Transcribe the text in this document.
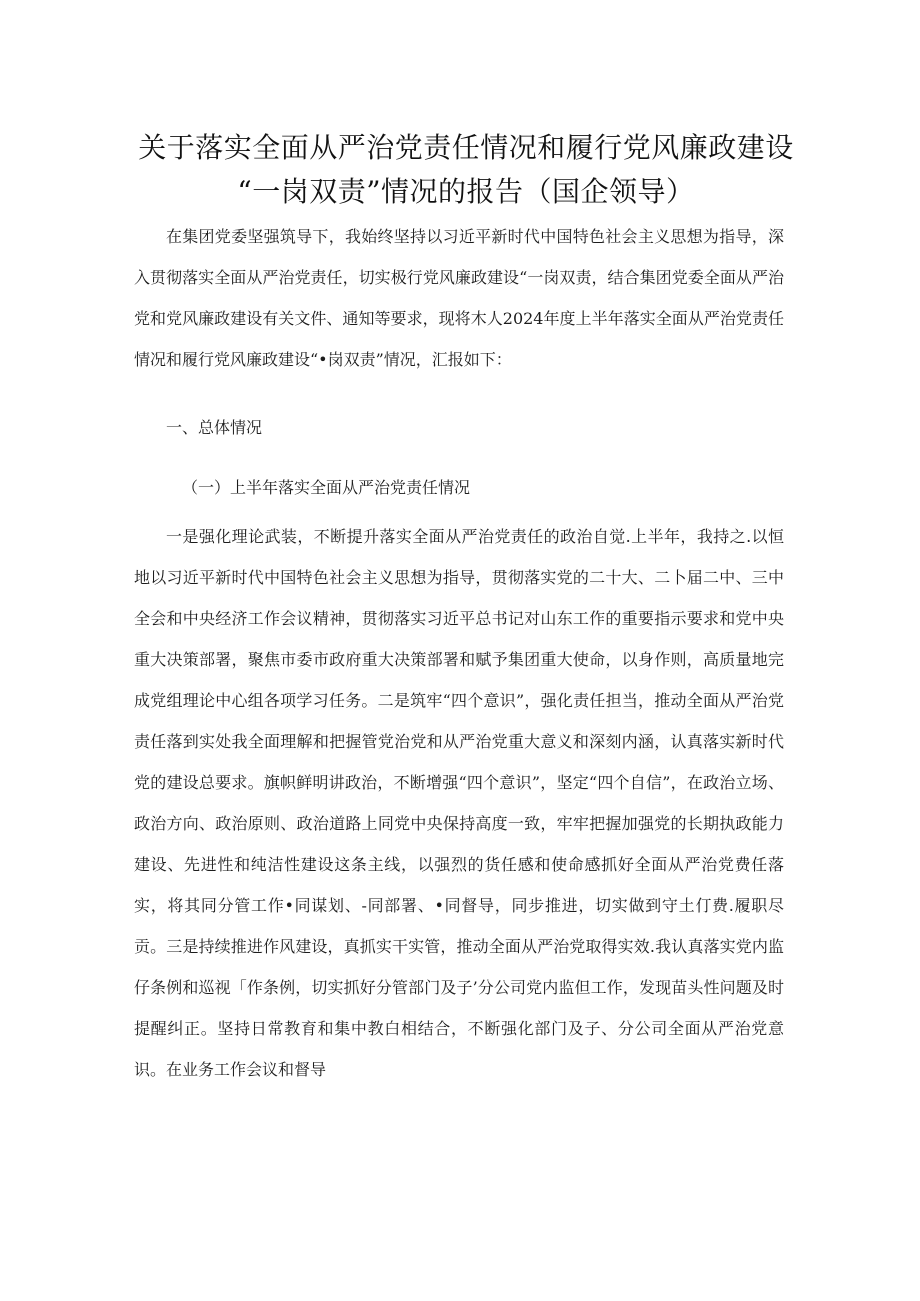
关于落实全面从严治党责任情况和履行党风廉政建设
“一岗双责”情况的报告（国企领导）

在集团党委坚强筑导下，我始终坚持以习近平新时代中国特色社会主义思想为指导，深入贯彻落实全面从严治党责任，切实极行党风廉政建设“一岗双责，结合集团党委全面从严治党和党风廉政建设有关文件、通知等要求，现将木人2024年度上半年落实全面从严治党责任情况和履行党风廉政建设“•岗双责”情况，汇报如下：

一、总体情况

（一）上半年落实全面从严治党责任情况

一是强化理论武装，不断提升落实全面从严治党责任的政治自觉.上半年，我持之.以恒地以习近平新时代中国特色社会主义思想为指导，贯彻落实党的二十大、二卜届二中、三中全会和中央经济工作会议精神，贯彻落实习近平总书记对山东工作的重要指示要求和党中央重大决策部署，聚焦市委市政府重大决策部署和赋予集团重大使命，以身作则，高质量地完成党组理论中心组各项学习任务。二是筑牢“四个意识”，强化责任担当，推动全面从严治党责任落到实处我全面理解和把握管党治党和从严治党重大意义和深刻内涵，认真落实新时代党的建设总要求。旗帜鲜明讲政治，不断增强“四个意识”，坚定“四个自信”，在政治立场、政治方向、政治原则、政治道路上同党中央保持高度一致，牢牢把握加强党的长期执政能力建设、先进性和纯洁性建设这条主线，以强烈的货任感和使命感抓好全面从严治党费任落实，将其同分管工作•同谋划、-同部署、•同督导，同步推进，切实做到守土仃费.履职尽贡。三是持续推进作风建设，真抓实干实管，推动全面从严治党取得实效.我认真落实党内监仔条例和巡视「作条例，切实抓好分管部门及子’分公司党内监但工作，发现苗头性问题及时提醒纠正。坚持日常教育和集中教白相结合，不断强化部门及子、分公司全面从严治党意识。在业务工作会议和督导
